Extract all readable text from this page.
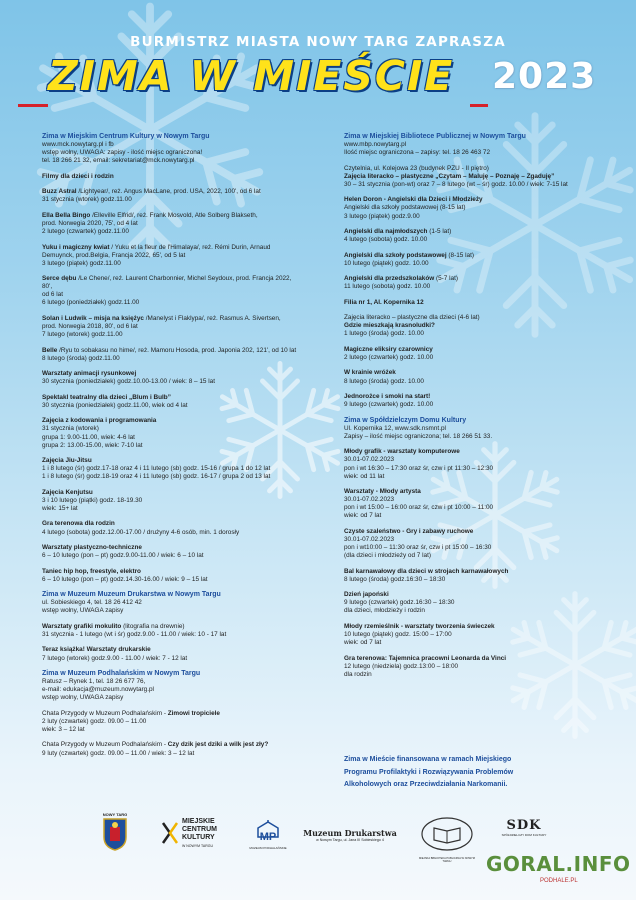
BURMISTRZ MIASTA NOWY TARG ZAPRASZA
ZIMA W MIEŚCIE 2023
Zima w Miejskim Centrum Kultury w Nowym Targu
www.mck.nowytarg.pl i fb
wstęp wolny, UWAGA: zapisy - ilość miejsc ograniczona!
tel. 18 266 21 32, email: sekretariat@mck.nowytarg.pl
Filmy dla dzieci i rodzin
Buzz Astral /Lightyear/, reż. Angus MacLane, prod. USA, 2022, 100', od 6 lat
31 stycznia (wtorek) godz.11.00
Ella Bella Bingo /Elleville Elfrid/, reż. Frank Mosvold, Atle Solberg Blakseth,
prod. Norwegia 2020, 75', od 4 lat
2 lutego (czwartek) godz.11.00
Yuku i magiczny kwiat / Yuku et la fleur de l'Himalaya/, reż. Rémi Durin, Arnaud
Demuynck, prod.Belgia, Francja 2022, 65', od 5 lat
3 lutego (piątek) godz.11.00
Serce dębu /Le Chene/, reż. Laurent Charbonnier, Michel Seydoux, prod. Francja 2022, 80',
od 6 lat
6 lutego (poniedziałek) godz.11.00
Solan i Ludwik – misja na księżyc /Manelyst i Flaklypa/, reż. Rasmus A. Sivertsen,
prod. Norwegia 2018, 80', od 6 lat
7 lutego (wtorek) godz.11.00
Belle /Ryu to sobakasu no hime/, reż. Mamoru Hosoda, prod. Japonia 202, 121', od 10 lat
8 lutego (środa) godz.11.00
Warsztaty animacji rysunkowej
30 stycznia (poniedziałek) godz.10.00-13.00 / wiek: 8 – 15 lat
Spektakl teatralny dla dzieci „Blum i Bulb”
30 stycznia (poniedziałek) godz.11.00, wiek od 4 lat
Zajęcia z kodowania i programowania
31 stycznia (wtorek)
grupa 1: 9.00-11.00, wiek: 4-6 lat
grupa 2: 13.00-15.00, wiek: 7-10 lat
Zajęcia Jiu-Jitsu
1 i 8 lutego (śr) godz.17-18 oraz 4 i 11 lutego (sb) godz. 15-16 / grupa 1 do 12 lat
1 i 8 lutego (śr) godz.18-19 oraz 4 i 11 lutego (sb) godz. 16-17 / grupa 2 od 13 lat
Zajęcia Kenjutsu
3 i 10 lutego (piątki) godz. 18-19.30
wiek: 15+ lat
Gra terenowa dla rodzin
4 lutego (sobota) godz.12.00-17.00 / drużyny 4-6 osób, min. 1 dorosły
Warsztaty plastyczno-techniczne
6 – 10 lutego (pon – pt) godz.9.00-11.00 / wiek: 6 – 10 lat
Taniec hip hop, freestyle, elektro
6 – 10 lutego (pon – pt) godz.14.30-16.00 / wiek: 9 – 15 lat
Zima w Muzeum Muzeum Drukarstwa w Nowym Targu
ul. Sobieskiego 4, tel. 18 26 412 42
wstęp wolny, UWAGA zapisy
Warsztaty grafiki mokulito (litografia na drewnie)
31 stycznia - 1 lutego (wt i śr) godz.9.00 - 11.00 / wiek: 10 - 17 lat
Teraz książka! Warsztaty drukarskie
7 lutego (wtorek) godz.9.00 - 11.00 / wiek: 7 - 12 lat
Zima w Muzeum Podhalańskim w Nowym Targu
Ratusz – Rynek 1, tel. 18 26 677 76,
e-mail: edukacja@muzeum.nowytarg.pl
wstęp wolny, UWAGA zapisy
Chata Przygody w Muzeum Podhalańskim - Zimowi tropiciele
2 luty (czwartek) godz. 09.00 – 11.00
wiek: 3 – 12 lat
Chata Przygody w Muzeum Podhalańskim - Czy dzik jest dziki a wilk jest zły?
9 luty (czwartek) godz. 09.00 – 11.00 / wiek: 3 – 12 lat
Zima w Miejskiej Bibliotece Publicznej w Nowym Targu
www.mbp.nowytarg.pl
Ilość miejsc ograniczona – zapisy: tel. 18 26 463 72
Czytelnia, ul. Kolejowa 23 (budynek PZU - II piętro)
Zajęcia literacko – plastyczne „Czytam – Maluję – Poznaję – Zgaduję”
30 – 31 stycznia (pon-wt) oraz 7 – 8 lutego (wt – śr) godz. 10.00 / wiek: 7-15 lat
Helen Doron - Angielski dla Dzieci i Młodzieży
Angielski dla szkoły podstawowej (8-15 lat)
3 lutego (piątek) godz.9.00
Angielski dla najmłodszych (1-5 lat)
4 lutego (sobota) godz. 10.00
Angielski dla szkoły podstawowej (8-15 lat)
10 lutego (piątek) godz. 10.00
Angielski dla przedszkolaków (5-7 lat)
11 lutego (sobota) godz. 10.00
Filia nr 1, Al. Kopernika 12
Zajęcia literacko – plastyczne dla dzieci (4-6 lat)
Gdzie mieszkają krasnoludki?
1 lutego (środa) godz. 10.00
Magiczne eliksiry czarownicy
2 lutego (czwartek) godz. 10.00
W krainie wróżek
8 lutego (środa) godz. 10.00
Jednorożce i smoki na start!
9 lutego (czwartek) godz. 10.00
Zima w Spółdzielczym Domu Kultury
Ul. Kopernika 12, www.sdk.nsmnt.pl
Zapisy – ilość miejsc ograniczona; tel. 18 266 51 33.
Młody grafik - warsztaty komputerowe
30.01-07.02.2023
pon i wt 16:30 – 17:30 oraz śr, czw i pt 11:30 – 12:30
wiek: od 11 lat
Warsztaty - Młody artysta
30.01-07.02.2023
pon i wt 15:00 – 16:00 oraz śr, czw i pt 10:00 – 11:00
wiek: od 7 lat
Czyste szaleństwo - Gry i zabawy ruchowe
30.01-07.02.2023
pon i wt10:00 – 11:30 oraz śr, czw i pt 15:00 – 16:30
(dla dzieci i młodzieży od 7 lat)
Bal karnawałowy dla dzieci w strojach karnawałowych
8 lutego (środa) godz.16:30 – 18:30
Dzień japoński
9 lutego (czwartek) godz.16:30 – 18:30
dla dzieci, młodzieży i rodzin
Młody rzemieślnik - warsztaty tworzenia świeczek
10 lutego (piątek) godz. 15:00 – 17:00
wiek: od 7 lat
Gra terenowa: Tajemnica pracowni Leonarda da Vinci
12 lutego (niedziela) godz.13:00 – 18:00
dla rodzin
Zima w Mieście finansowana w ramach Miejskiego
Programu Profilaktyki i Rozwiązywania Problemów
Alkoholowych oraz Przeciwdziałania Narkomanii.
NOWY TARG
MIEJSKIE
CENTRUM
KULTURY
W NOWYM TARGU
MP
MUZEUM PODHALAŃSKIE
Muzeum Drukarstwa
w Nowym Targu, ul. Jana III Sobieskiego 4
MIEJSKA BIBLIOTEKA PUBLICZNA W NOWYM TARGU
SDK
SPÓŁDZIELCZY DOM KULTURY
GORAL.INFO
PODHALE.PL
